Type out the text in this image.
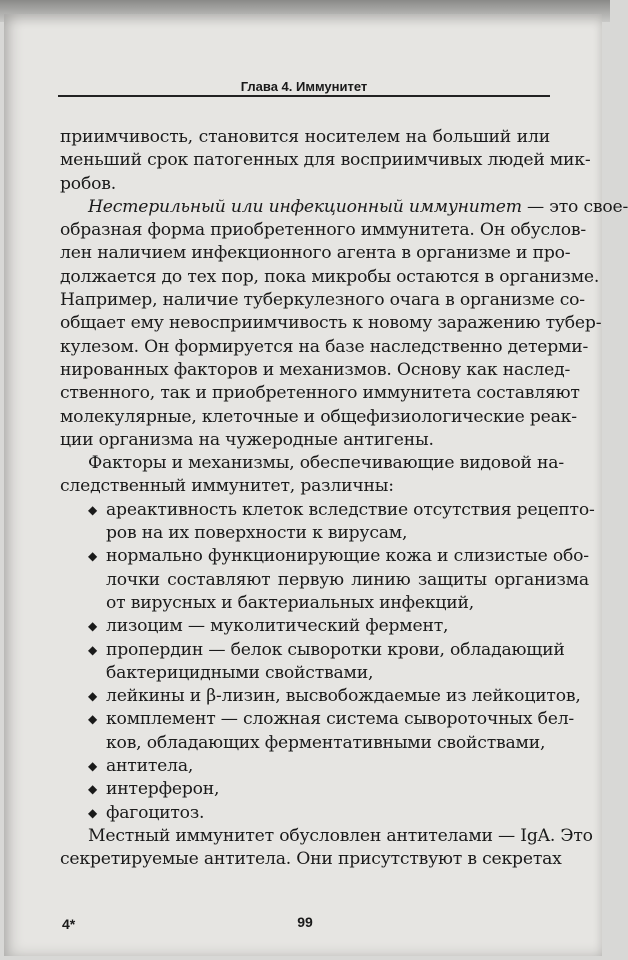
Глава 4. Иммунитет

приимчивость, становится носителем на больший или
меньший срок патогенных для восприимчивых людей мик-
робов.

Нестерильный или инфекционный иммунитет — это свое-
образная форма приобретенного иммунитета. Он обуслов-
лен наличием инфекционного агента в организме и про-
должается до тех пор, пока микробы остаются в организме.
Например, наличие туберкулезного очага в организме со-
общает ему невосприимчивость к новому заражению тубер-
кулезом. Он формируется на базе наследственно детерми-
нированных факторов и механизмов. Основу как наслед-
ственного, так и приобретенного иммунитета составляют
молекулярные, клеточные и общефизиологические реак-
ции организма на чужеродные антигены.

Факторы и механизмы, обеспечивающие видовой на-
следственный иммунитет, различны:

◆ ареактивность клеток вследствие отсутствия рецепто-
ров на их поверхности к вирусам,
◆ нормально функционирующие кожа и слизистые обо-
лочки составляют первую линию защиты организма
от вирусных и бактериальных инфекций,
◆ лизоцим — муколитический фермент,
◆ пропердин — белок сыворотки крови, обладающий
бактерицидными свойствами,
◆ лейкины и β-лизин, высвобождаемые из лейкоцитов,
◆ комплемент — сложная система сывороточных бел-
ков, обладающих ферментативными свойствами,
◆ антитела,
◆ интерферон,
◆ фагоцитоз.

Местный иммунитет обусловлен антителами — IgA. Это
секретируемые антитела. Они присутствуют в секретах

4*	99
